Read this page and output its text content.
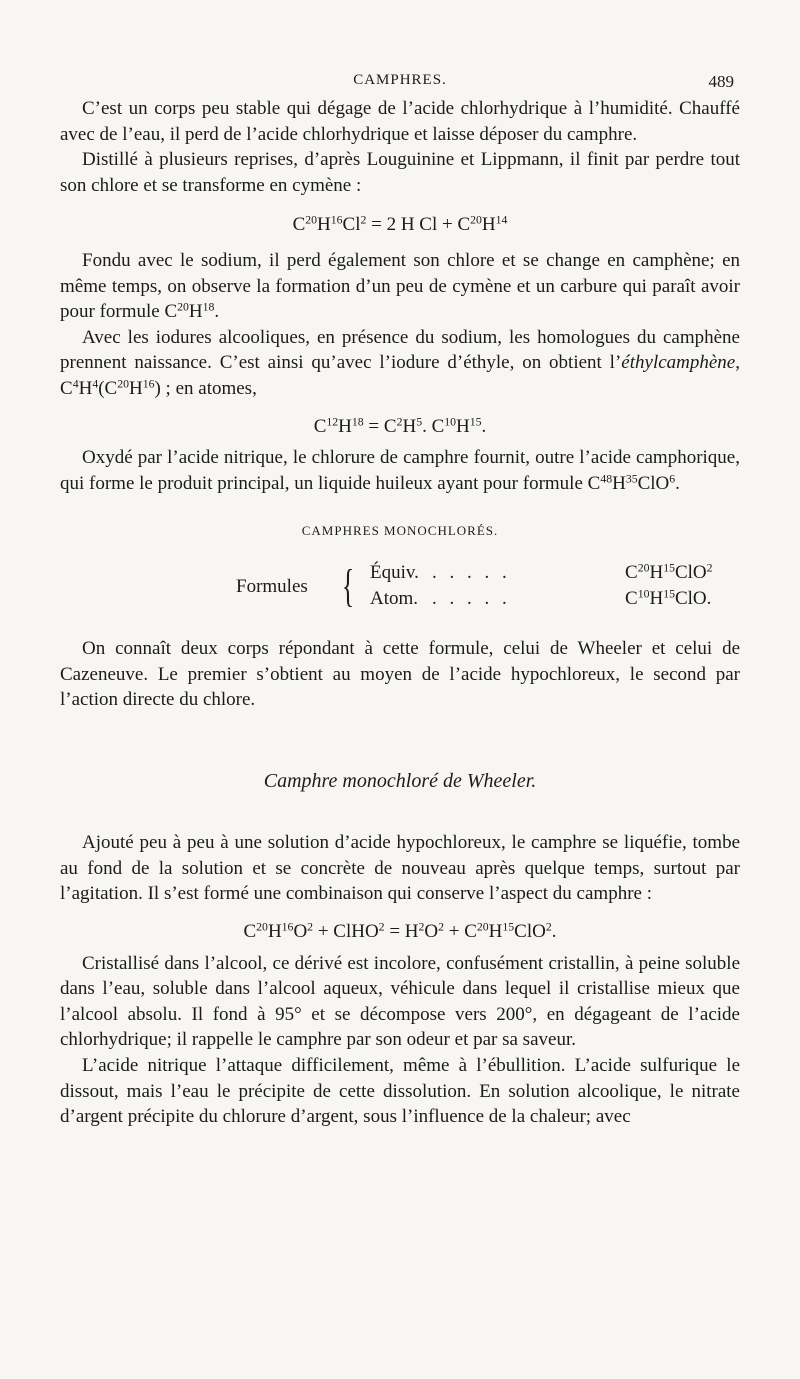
CAMPHRES.	489

C’est un corps peu stable qui dégage de l’acide chlorhydrique à l’humidité. Chauffé avec de l’eau, il perd de l’acide chlorhydrique et laisse déposer du camphre.

Distillé à plusieurs reprises, d’après Louguinine et Lippmann, il finit par perdre tout son chlore et se transforme en cymène :

$C^{20}H^{16}Cl^2 = 2$ H $Cl + C^{20}H^{14}$

Fondu avec le sodium, il perd également son chlore et se change en camphène; en même temps, on observe la formation d’un peu de cymène et un carbure qui paraît avoir pour formule $C^{20}H^{18}$.

Avec les iodures alcooliques, en présence du sodium, les homologues du camphène prennent naissance. C’est ainsi qu’avec l’iodure d’éthyle, on obtient l’éthylcamphène, $C^4H^4(C^{20}H^{16})$ ; en atomes,

$C^{12}H^{18} = C^2H^5$. $C^{10}H^{15}$.

Oxydé par l’acide nitrique, le chlorure de camphre fournit, outre l’acide camphorique, qui forme le produit principal, un liquide huileux ayant pour formule $C^{48}H^{35}ClO^6$.

CAMPHRES MONOCHLORÉS.
Formules { Équiv. . . . . .	$C^{20}H^{15}ClO^2$
Atom. . . . . .	$C^{10}H^{15}ClO$.

On connaît deux corps répondant à cette formule, celui de Wheeler et celui de Cazeneuve. Le premier s’obtient au moyen de l’acide hypochloreux, le second par l’action directe du chlore.

Camphre monochloré de Wheeler.

Ajouté peu à peu à une solution d’acide hypochloreux, le camphre se liquéfie, tombe au fond de la solution et se concrète de nouveau après quelque temps, surtout par l’agitation. Il s’est formé une combinaison qui conserve l’aspect du camphre :

$C^{20}H^{16}O^2$ + ClHO$^2$ = $H^2O^2 + C^{20}H^{15}ClO^2$.

Cristallisé dans l’alcool, ce dérivé est incolore, confusément cristallin, à peine soluble dans l’eau, soluble dans l’alcool aqueux, véhicule dans lequel il cristallise mieux que l’alcool absolu. Il fond à 95° et se décompose vers 200°, en dégageant de l’acide chlorhydrique; il rappelle le camphre par son odeur et par sa saveur.

L’acide nitrique l’attaque difficilement, même à l’ébullition. L’acide sulfurique le dissout, mais l’eau le précipite de cette dissolution. En solution alcoolique, le nitrate d’argent précipite du chlorure d’argent, sous l’influence de la chaleur; avec
